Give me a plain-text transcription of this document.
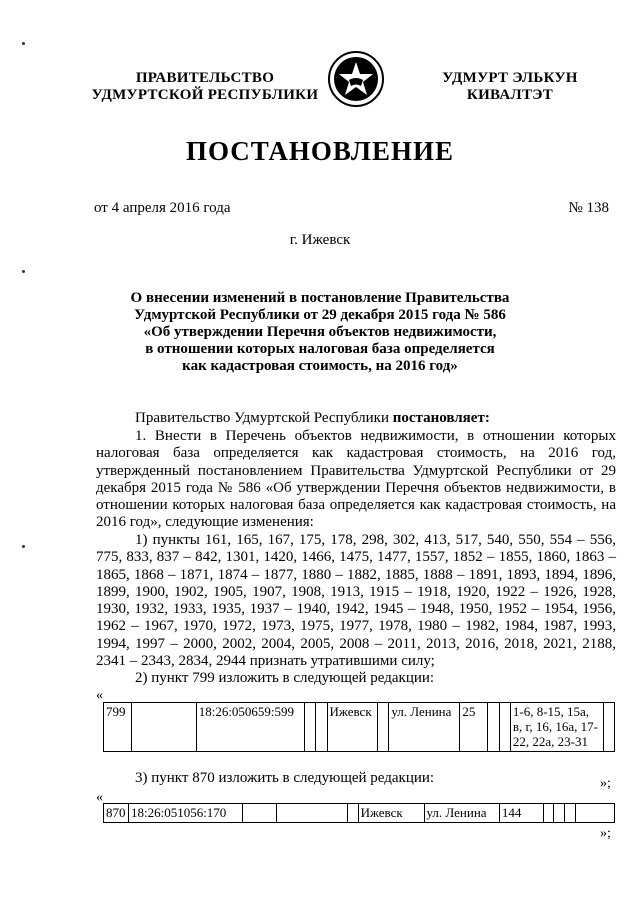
ПРАВИТЕЛЬСТВО
УДМУРТСКОЙ РЕСПУБЛИКИ
УДМУРТ ЭЛЬКУН
КИВАЛТЭТ
ПОСТАНОВЛЕНИЕ
от 4 апреля 2016 года	№ 138
г. Ижевск
О внесении изменений в постановление Правительства
Удмуртской Республики от 29 декабря 2015 года № 586
«Об утверждении Перечня объектов недвижимости,
в отношении которых налоговая база определяется
как кадастровая стоимость, на 2016 год»
Правительство Удмуртской Республики постановляет:
1. Внести в Перечень объектов недвижимости, в отношении которых налоговая база определяется как кадастровая стоимость, на 2016 год, утвержденный постановлением Правительства Удмуртской Республики от 29 декабря 2015 года № 586 «Об утверждении Перечня объектов недвижимости, в отношении которых налоговая база определяется как кадастровая стоимость, на 2016 год», следующие изменения:
1) пункты 161, 165, 167, 175, 178, 298, 302, 413, 517, 540, 550, 554 – 556, 775, 833, 837 – 842, 1301, 1420, 1466, 1475, 1477, 1557, 1852 – 1855, 1860, 1863 – 1865, 1868 – 1871, 1874 – 1877, 1880 – 1882, 1885, 1888 – 1891, 1893, 1894, 1896, 1899, 1900, 1902, 1905, 1907, 1908, 1913, 1915 – 1918, 1920, 1922 – 1926, 1928, 1930, 1932, 1933, 1935, 1937 – 1940, 1942, 1945 – 1948, 1950, 1952 – 1954, 1956, 1962 – 1967, 1970, 1972, 1973, 1975, 1977, 1978, 1980 – 1982, 1984, 1987, 1993, 1994, 1997 – 2000, 2002, 2004, 2005, 2008 – 2011, 2013, 2016, 2018, 2021, 2188, 2341 – 2343, 2834, 2944 признать утратившими силу;
2) пункт 799 изложить в следующей редакции:
«
799		18:26:050659:599			Ижевск		ул. Ленина	25			1-6, 8-15, 15а, в, г, 16, 16а, 17-22, 22а, 23-31	
»;
3) пункт 870 изложить в следующей редакции:
«
870	18:26:051056:170				Ижевск	ул. Ленина	144				
»;
